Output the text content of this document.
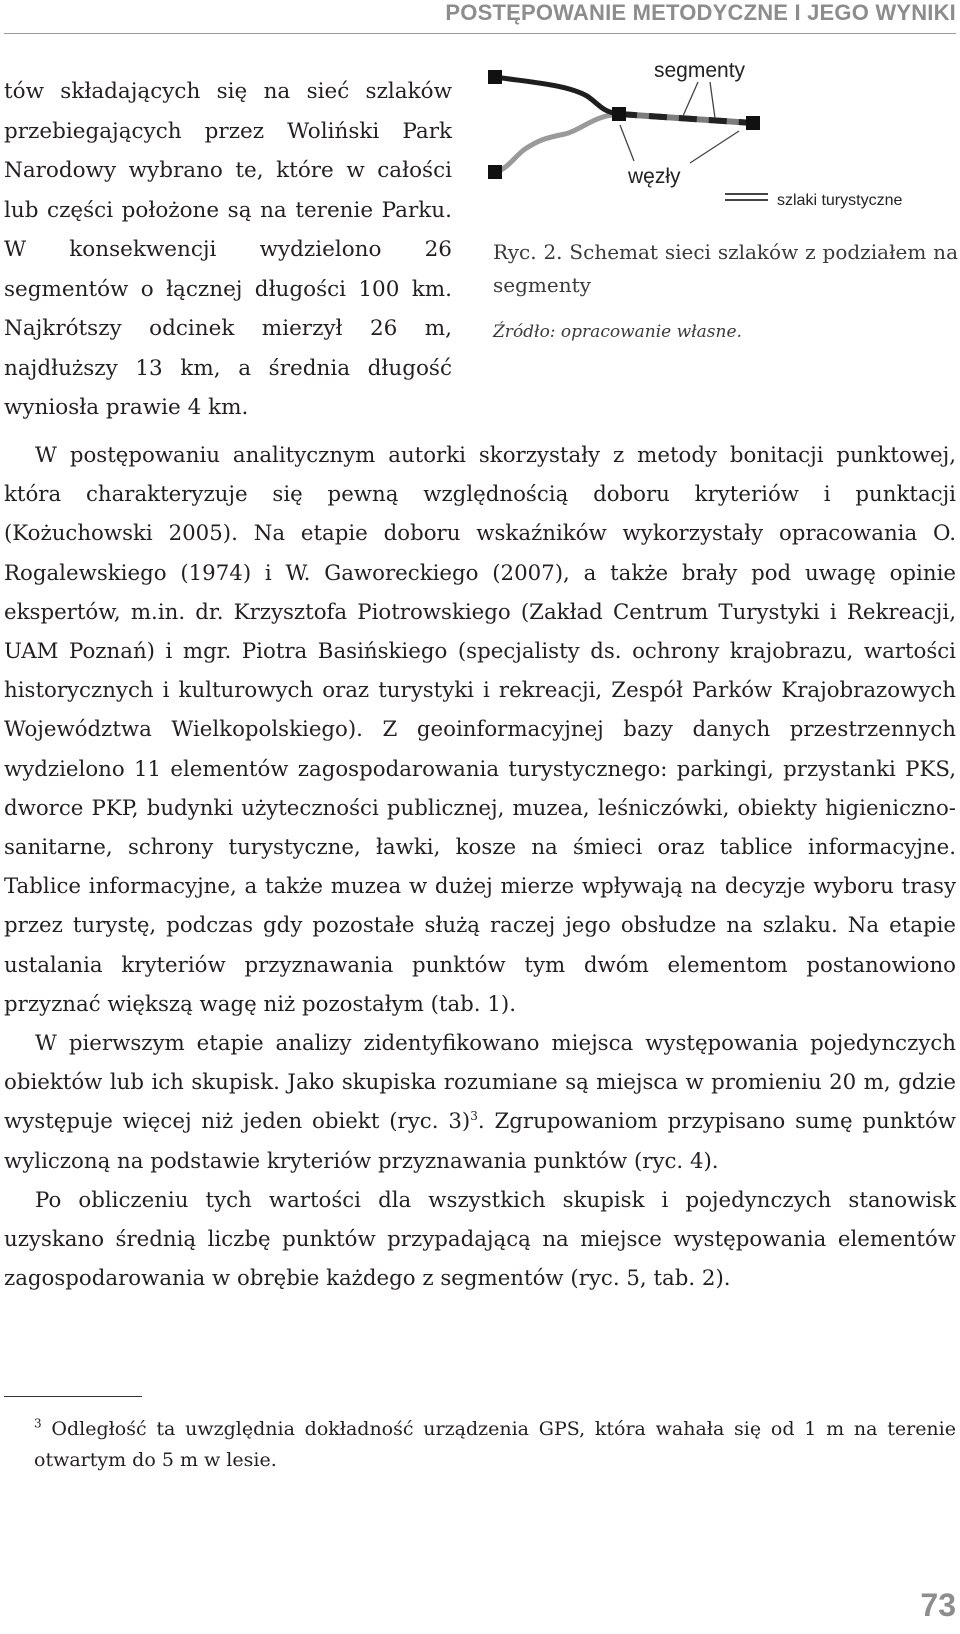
POSTĘPOWANIE METODYCZNE I JEGO WYNIKI

tów składających się na sieć szlaków przebiegających przez Woliński Park Narodowy wybrano te, które w całości lub części położone są na terenie Parku. W konsekwencji wydzielono 26 segmentów o łącznej długości 100 km. Najkrótszy odcinek mierzył 26 m, najdłuższy 13 km, a średnia długość wyniosła prawie 4 km.

segmenty
węzły
szlaki turystyczne

Ryc. 2. Schemat sieci szlaków z podziałem na segmenty

Źródło: opracowanie własne.

W postępowaniu analitycznym autorki skorzystały z metody bonitacji punktowej, która charakteryzuje się pewną względnością doboru kryteriów i punktacji (Kożuchowski 2005). Na etapie doboru wskaźników wykorzystały opracowania O. Rogalewskiego (1974) i W. Gaworeckiego (2007), a także brały pod uwagę opinie ekspertów, m.in. dr. Krzysztofa Piotrowskiego (Zakład Centrum Turystyki i Rekreacji, UAM Poznań) i mgr. Piotra Basińskiego (specjalisty ds. ochrony krajobrazu, wartości historycznych i kulturowych oraz turystyki i rekreacji, Zespół Parków Krajobrazowych Województwa Wielkopolskiego). Z geoinformacyjnej bazy danych przestrzennych wydzielono 11 elementów zagospodarowania turystycznego: parkingi, przystanki PKS, dworce PKP, budynki użyteczności publicznej, muzea, leśniczówki, obiekty higieniczno-sanitarne, schrony turystyczne, ławki, kosze na śmieci oraz tablice informacyjne. Tablice informacyjne, a także muzea w dużej mierze wpływają na decyzje wyboru trasy przez turystę, podczas gdy pozostałe służą raczej jego obsłudze na szlaku. Na etapie ustalania kryteriów przyznawania punktów tym dwóm elementom postanowiono przyznać większą wagę niż pozostałym (tab. 1).

W pierwszym etapie analizy zidentyfikowano miejsca występowania pojedynczych obiektów lub ich skupisk. Jako skupiska rozumiane są miejsca w promieniu 20 m, gdzie występuje więcej niż jeden obiekt (ryc. 3)$^3$. Zgrupowaniom przypisano sumę punktów wyliczoną na podstawie kryteriów przyznawania punktów (ryc. 4).

Po obliczeniu tych wartości dla wszystkich skupisk i pojedynczych stanowisk uzyskano średnią liczbę punktów przypadającą na miejsce występowania elementów zagospodarowania w obrębie każdego z segmentów (ryc. 5, tab. 2).

$^3$ Odległość ta uwzględnia dokładność urządzenia GPS, która wahała się od 1 m na terenie otwartym do 5 m w lesie.

73
